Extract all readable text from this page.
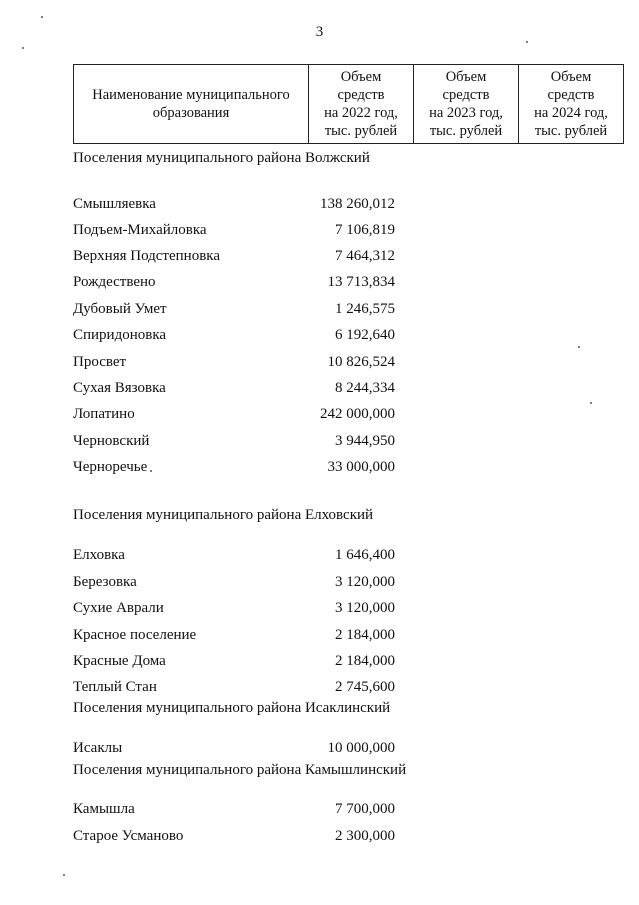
3
Наименование муниципального
образования	Объем
средств
на 2022 год,
тыс. рублей	Объем
средств
на 2023 год,
тыс. рублей	Объем
средств
на 2024 год,
тыс. рублей
Поселения муниципального района Волжский
Смышляевка	138 260,012
Подъем-Михайловка	7 106,819
Верхняя Подстепновка	7 464,312
Рождествено	13 713,834
Дубовый Умет	1 246,575
Спиридоновка	6 192,640
Просвет	10 826,524
Сухая Вязовка	8 244,334
Лопатино	242 000,000
Черновский	3 944,950
Черноречье	33 000,000
Поселения муниципального района Елховский
Елховка	1 646,400
Березовка	3 120,000
Сухие Аврали	3 120,000
Красное поселение	2 184,000
Красные Дома	2 184,000
Теплый Стан	2 745,600
Поселения муниципального района Исаклинский
Исаклы	10 000,000
Поселения муниципального района Камышлинский
Камышла	7 700,000
Старое Усманово	2 300,000
